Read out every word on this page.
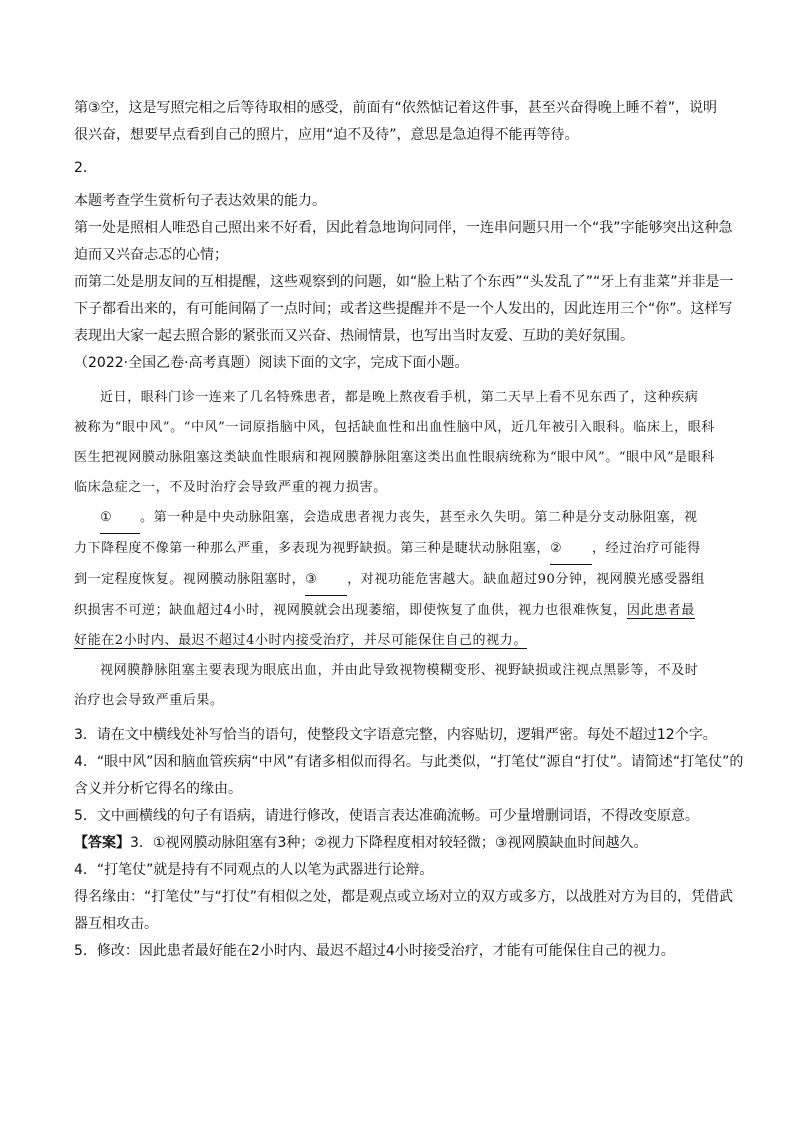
第③空，这是写照完相之后等待取相的感受，前面有“依然惦记着这件事，甚至兴奋得晚上睡不着”，说明
很兴奋，想要早点看到自己的照片，应用“迫不及待”，意思是急迫得不能再等待。
2．
本题考查学生赏析句子表达效果的能力。
第一处是照相人唯恐自己照出来不好看，因此着急地询问同伴，一连串问题只用一个“我”字能够突出这种急
迫而又兴奋忐忑的心情；
而第二处是朋友间的互相提醒，这些观察到的问题，如“脸上粘了个东西”“头发乱了”“牙上有韭菜”并非是一
下子都看出来的，有可能间隔了一点时间；或者这些提醒并不是一个人发出的，因此连用三个“你”。这样写
表现出大家一起去照合影的紧张而又兴奋、热闹情景，也写出当时友爱、互助的美好氛围。
（2022·全国乙卷·高考真题）阅读下面的文字，完成下面小题。
近日，眼科门诊一连来了几名特殊患者，都是晚上熬夜看手机，第二天早上看不见东西了，这种疾病
被称为“眼中风”。“中风”一词原指脑中风，包括缺血性和出血性脑中风，近几年被引入眼科。临床上，眼科
医生把视网膜动脉阻塞这类缺血性眼病和视网膜静脉阻塞这类出血性眼病统称为“眼中风”。“眼中风”是眼科
临床急症之一，不及时治疗会导致严重的视力损害。
① 。第一种是中央动脉阻塞，会造成患者视力丧失，甚至永久失明。第二种是分支动脉阻塞，视
力下降程度不像第一种那么严重，多表现为视野缺损。第三种是睫状动脉阻塞，② ，经过治疗可能得
到一定程度恢复。视网膜动脉阻塞时，③ ，对视功能危害越大。缺血超过90分钟，视网膜光感受器组
织损害不可逆；缺血超过4小时，视网膜就会出现萎缩，即使恢复了血供，视力也很难恢复，因此患者最
好能在2小时内、最迟不超过4小时内接受治疗，并尽可能保住自己的视力。
视网膜静脉阻塞主要表现为眼底出血，并由此导致视物模糊变形、视野缺损或注视点黑影等，不及时
治疗也会导致严重后果。
3．请在文中横线处补写恰当的语句，使整段文字语意完整，内容贴切，逻辑严密。每处不超过12个字。
4．“眼中风”因和脑血管疾病“中风”有诸多相似而得名。与此类似，“打笔仗”源自“打仗”。请简述“打笔仗”的
含义并分析它得名的缘由。
5．文中画横线的句子有语病，请进行修改，使语言表达准确流畅。可少量增删词语，不得改变原意。
【答案】3．①视网膜动脉阻塞有3种；②视力下降程度相对较轻微；③视网膜缺血时间越久。
4．“打笔仗”就是持有不同观点的人以笔为武器进行论辩。
得名缘由：“打笔仗”与“打仗”有相似之处，都是观点或立场对立的双方或多方，以战胜对方为目的，凭借武
器互相攻击。
5．修改：因此患者最好能在2小时内、最迟不超过4小时接受治疗，才能有可能保住自己的视力。
